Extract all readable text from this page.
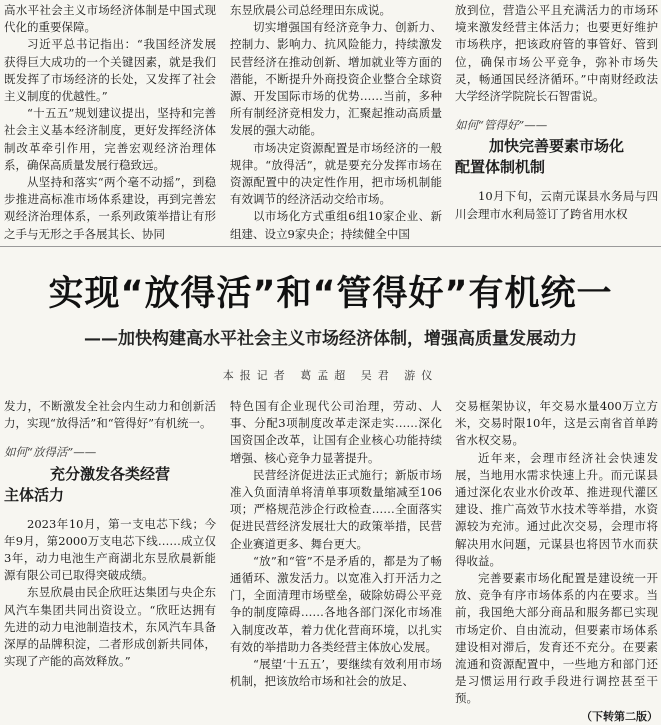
高水平社会主义市场经济体制是中国式现代化的重要保障。

习近平总书记指出：“我国经济发展获得巨大成功的一个关键因素，就是我们既发挥了市场经济的长处，又发挥了社会主义制度的优越性。”

“十五五”规划建议提出，坚持和完善社会主义基本经济制度，更好发挥经济体制改革牵引作用，完善宏观经济治理体系，确保高质量发展行稳致远。

从坚持和落实“两个毫不动摇”，到稳步推进高标准市场体系建设，再到完善宏观经济治理体系，一系列政策举措让有形之手与无形之手各展其长、协同

东昱欣晨公司总经理田东成说。

切实增强国有经济竞争力、创新力、控制力、影响力、抗风险能力，持续激发民营经济在推动创新、增加就业等方面的潜能，不断提升外商投资企业整合全球资源、开发国际市场的优势……当前，多种所有制经济竞相发力，汇聚起推动高质量发展的强大动能。

市场决定资源配置是市场经济的一般规律。“放得活”，就是要充分发挥市场在资源配置中的决定性作用，把市场机制能有效调节的经济活动交给市场。

以市场化方式重组6组10家企业、新组建、设立9家央企；持续健全中国

放到位，营造公平且充满活力的市场环境来激发经营主体活力；也要更好维护市场秩序，把该政府管的事管好、管到位，确保市场公平竞争，弥补市场失灵，畅通国民经济循环。”中南财经政法大学经济学院院长石智雷说。

如何“管得好”——
加快完善要素市场化
配置体制机制

10月下旬，云南元谋县水务局与四川会理市水利局签订了跨省用水权

实现“放得活”和“管得好”有机统一
——加快构建高水平社会主义市场经济体制，增强高质量发展动力
本报记者 葛孟超 吴君 游仪

发力，不断激发全社会内生动力和创新活力，实现“放得活”和“管得好”有机统一。

如何“放得活”——
充分激发各类经营
主体活力

2023年10月，第一支电芯下线；今年9月，第2000万支电芯下线……成立仅3年，动力电池生产商湖北东昱欣晨新能源有限公司已取得突破成绩。

东昱欣晨由民企欣旺达集团与央企东风汽车集团共同出资设立。“欣旺达拥有先进的动力电池制造技术，东风汽车具备深厚的品牌积淀，二者形成创新共同体，实现了产能的高效释放。”

特色国有企业现代公司治理，劳动、人事、分配3项制度改革走深走实……深化国资国企改革，让国有企业核心功能持续增强、核心竞争力显著提升。

民营经济促进法正式施行；新版市场准入负面清单将清单事项数量缩减至106项；严格规范涉企行政检查……全面落实促进民营经济发展壮大的政策举措，民营企业赛道更多、舞台更大。

“放”和“管”不是矛盾的，都是为了畅通循环、激发活力。以宽准入打开活力之门，全面清理市场壁垒，破除妨碍公平竞争的制度障碍……各地各部门深化市场准入制度改革，着力优化营商环境，以扎实有效的举措助力各类经营主体放心发展。

“展望‘十五五’，要继续有效利用市场机制，把该放给市场和社会的放足、

交易框架协议，年交易水量400万立方米，交易时限10年，这是云南省首单跨省水权交易。

近年来，会理市经济社会快速发展，当地用水需求快速上升。而元谋县通过深化农业水价改革、推进现代灌区建设、推广高效节水技术等举措，水资源较为充沛。通过此次交易，会理市将解决用水问题，元谋县也将因节水而获得收益。

完善要素市场化配置是建设统一开放、竞争有序市场体系的内在要求。当前，我国绝大部分商品和服务都已实现市场定价、自由流动，但要素市场体系建设相对滞后，发育还不充分。在要素流通和资源配置中，一些地方和部门还是习惯运用行政手段进行调控甚至干预。

（下转第二版）
